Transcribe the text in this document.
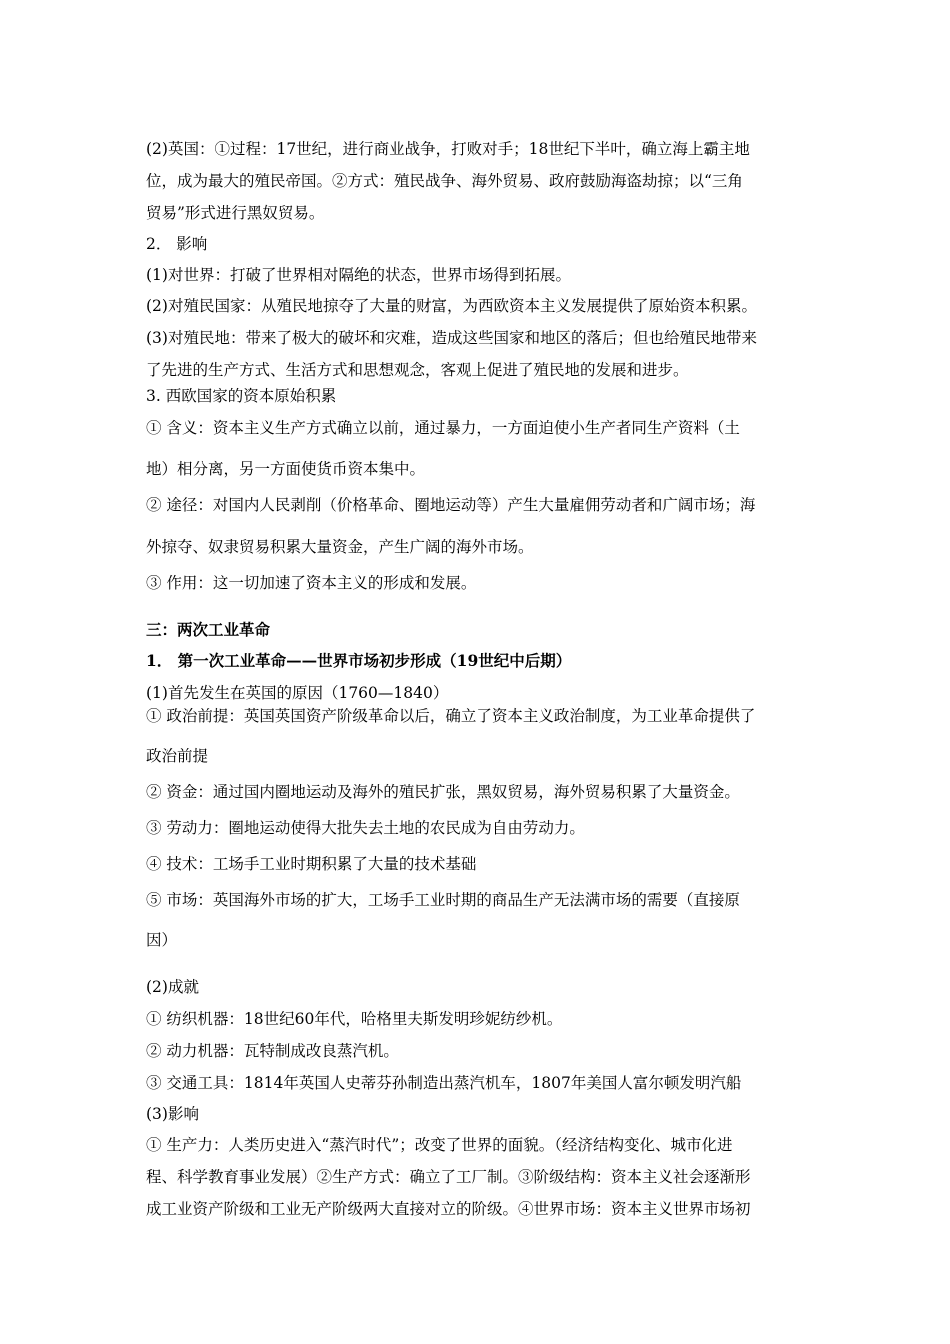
(2)英国：①过程：17世纪，进行商业战争，打败对手；18世纪下半叶，确立海上霸主地
位，成为最大的殖民帝国。②方式：殖民战争、海外贸易、政府鼓励海盗劫掠；以“三角
贸易”形式进行黑奴贸易。
2． 影响
(1)对世界：打破了世界相对隔绝的状态，世界市场得到拓展。
(2)对殖民国家：从殖民地掠夺了大量的财富，为西欧资本主义发展提供了原始资本积累。
(3)对殖民地：带来了极大的破坏和灾难，造成这些国家和地区的落后；但也给殖民地带来
了先进的生产方式、生活方式和思想观念，客观上促进了殖民地的发展和进步。
3. 西欧国家的资本原始积累
① 含义：资本主义生产方式确立以前，通过暴力，一方面迫使小生产者同生产资料（土
地）相分离，另一方面使货币资本集中。
② 途径：对国内人民剥削（价格革命、圈地运动等）产生大量雇佣劳动者和广阔市场；海
外掠夺、奴隶贸易积累大量资金，产生广阔的海外市场。
③ 作用：这一切加速了资本主义的形成和发展。
三：两次工业革命
1． 第一次工业革命——世界市场初步形成（19世纪中后期）
(1)首先发生在英国的原因（1760—1840）
① 政治前提：英国英国资产阶级革命以后，确立了资本主义政治制度，为工业革命提供了
政治前提
② 资金：通过国内圈地运动及海外的殖民扩张，黑奴贸易，海外贸易积累了大量资金。
③ 劳动力：圈地运动使得大批失去土地的农民成为自由劳动力。
④ 技术：工场手工业时期积累了大量的技术基础
⑤ 市场：英国海外市场的扩大，工场手工业时期的商品生产无法满市场的需要（直接原
因）
(2)成就
① 纺织机器：18世纪60年代，哈格里夫斯发明珍妮纺纱机。
② 动力机器：瓦特制成改良蒸汽机。
③ 交通工具：1814年英国人史蒂芬孙制造出蒸汽机车，1807年美国人富尔顿发明汽船
(3)影响
① 生产力：人类历史进入“蒸汽时代”；改变了世界的面貌。（经济结构变化、城市化进
程、科学教育事业发展）②生产方式：确立了工厂制。③阶级结构：资本主义社会逐渐形
成工业资产阶级和工业无产阶级两大直接对立的阶级。④世界市场：资本主义世界市场初
